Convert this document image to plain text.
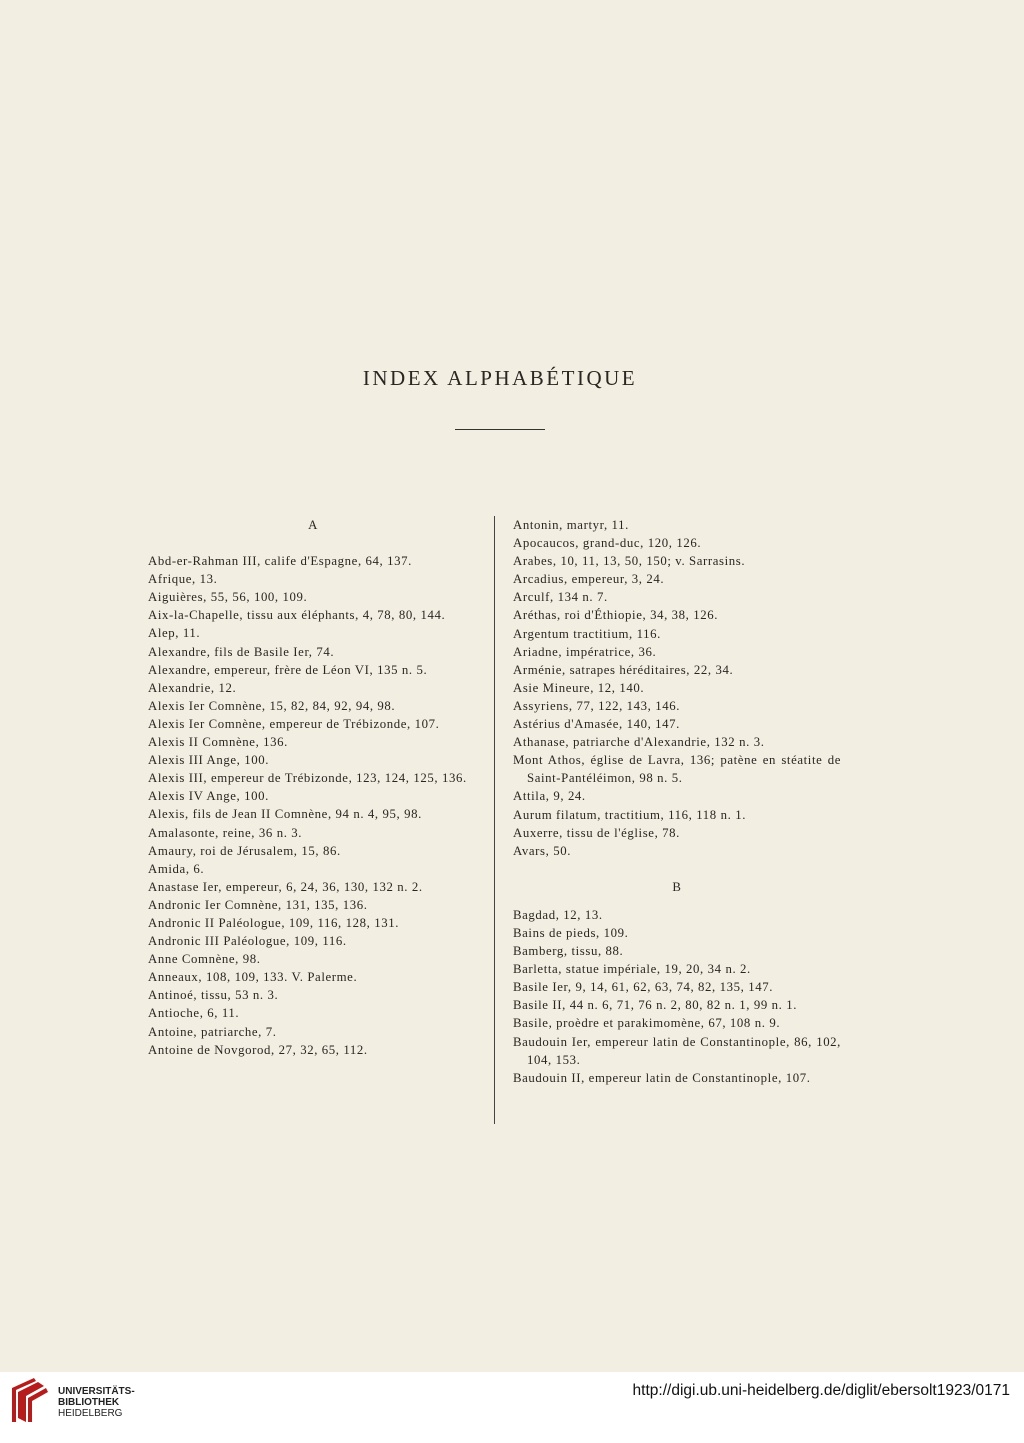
INDEX ALPHABÉTIQUE
A
Abd-er-Rahman III, calife d'Espagne, 64, 137.
Afrique, 13.
Aiguières, 55, 56, 100, 109.
Aix-la-Chapelle, tissu aux éléphants, 4, 78, 80, 144.
Alep, 11.
Alexandre, fils de Basile Ier, 74.
Alexandre, empereur, frère de Léon VI, 135 n. 5.
Alexandrie, 12.
Alexis Ier Comnène, 15, 82, 84, 92, 94, 98.
Alexis Ier Comnène, empereur de Trébizonde, 107.
Alexis II Comnène, 136.
Alexis III Ange, 100.
Alexis III, empereur de Trébizonde, 123, 124, 125, 136.
Alexis IV Ange, 100.
Alexis, fils de Jean II Comnène, 94 n. 4, 95, 98.
Amalasonte, reine, 36 n. 3.
Amaury, roi de Jérusalem, 15, 86.
Amida, 6.
Anastase Ier, empereur, 6, 24, 36, 130, 132 n. 2.
Andronic Ier Comnène, 131, 135, 136.
Andronic II Paléologue, 109, 116, 128, 131.
Andronic III Paléologue, 109, 116.
Anne Comnène, 98.
Anneaux, 108, 109, 133. V. Palerme.
Antinoé, tissu, 53 n. 3.
Antioche, 6, 11.
Antoine, patriarche, 7.
Antoine de Novgorod, 27, 32, 65, 112.
Antonin, martyr, 11.
Apocaucos, grand-duc, 120, 126.
Arabes, 10, 11, 13, 50, 150; v. Sarrasins.
Arcadius, empereur, 3, 24.
Arculf, 134 n. 7.
Aréthas, roi d'Éthiopie, 34, 38, 126.
Argentum tractitium, 116.
Ariadne, impératrice, 36.
Arménie, satrapes héréditaires, 22, 34.
Asie Mineure, 12, 140.
Assyriens, 77, 122, 143, 146.
Astérius d'Amasée, 140, 147.
Athanase, patriarche d'Alexandrie, 132 n. 3.
Mont Athos, église de Lavra, 136; patène en stéatite de Saint-Pantéléimon, 98 n. 5.
Attila, 9, 24.
Aurum filatum, tractitium, 116, 118 n. 1.
Auxerre, tissu de l'église, 78.
Avars, 50.
B
Bagdad, 12, 13.
Bains de pieds, 109.
Bamberg, tissu, 88.
Barletta, statue impériale, 19, 20, 34 n. 2.
Basile Ier, 9, 14, 61, 62, 63, 74, 82, 135, 147.
Basile II, 44 n. 6, 71, 76 n. 2, 80, 82 n. 1, 99 n. 1.
Basile, proèdre et parakimomène, 67, 108 n. 9.
Baudouin Ier, empereur latin de Constantinople, 86, 102, 104, 153.
Baudouin II, empereur latin de Constantinople, 107.
UNIVERSITÄTS-
BIBLIOTHEK
HEIDELBERG
http://digi.ub.uni-heidelberg.de/diglit/ebersolt1923/0171
